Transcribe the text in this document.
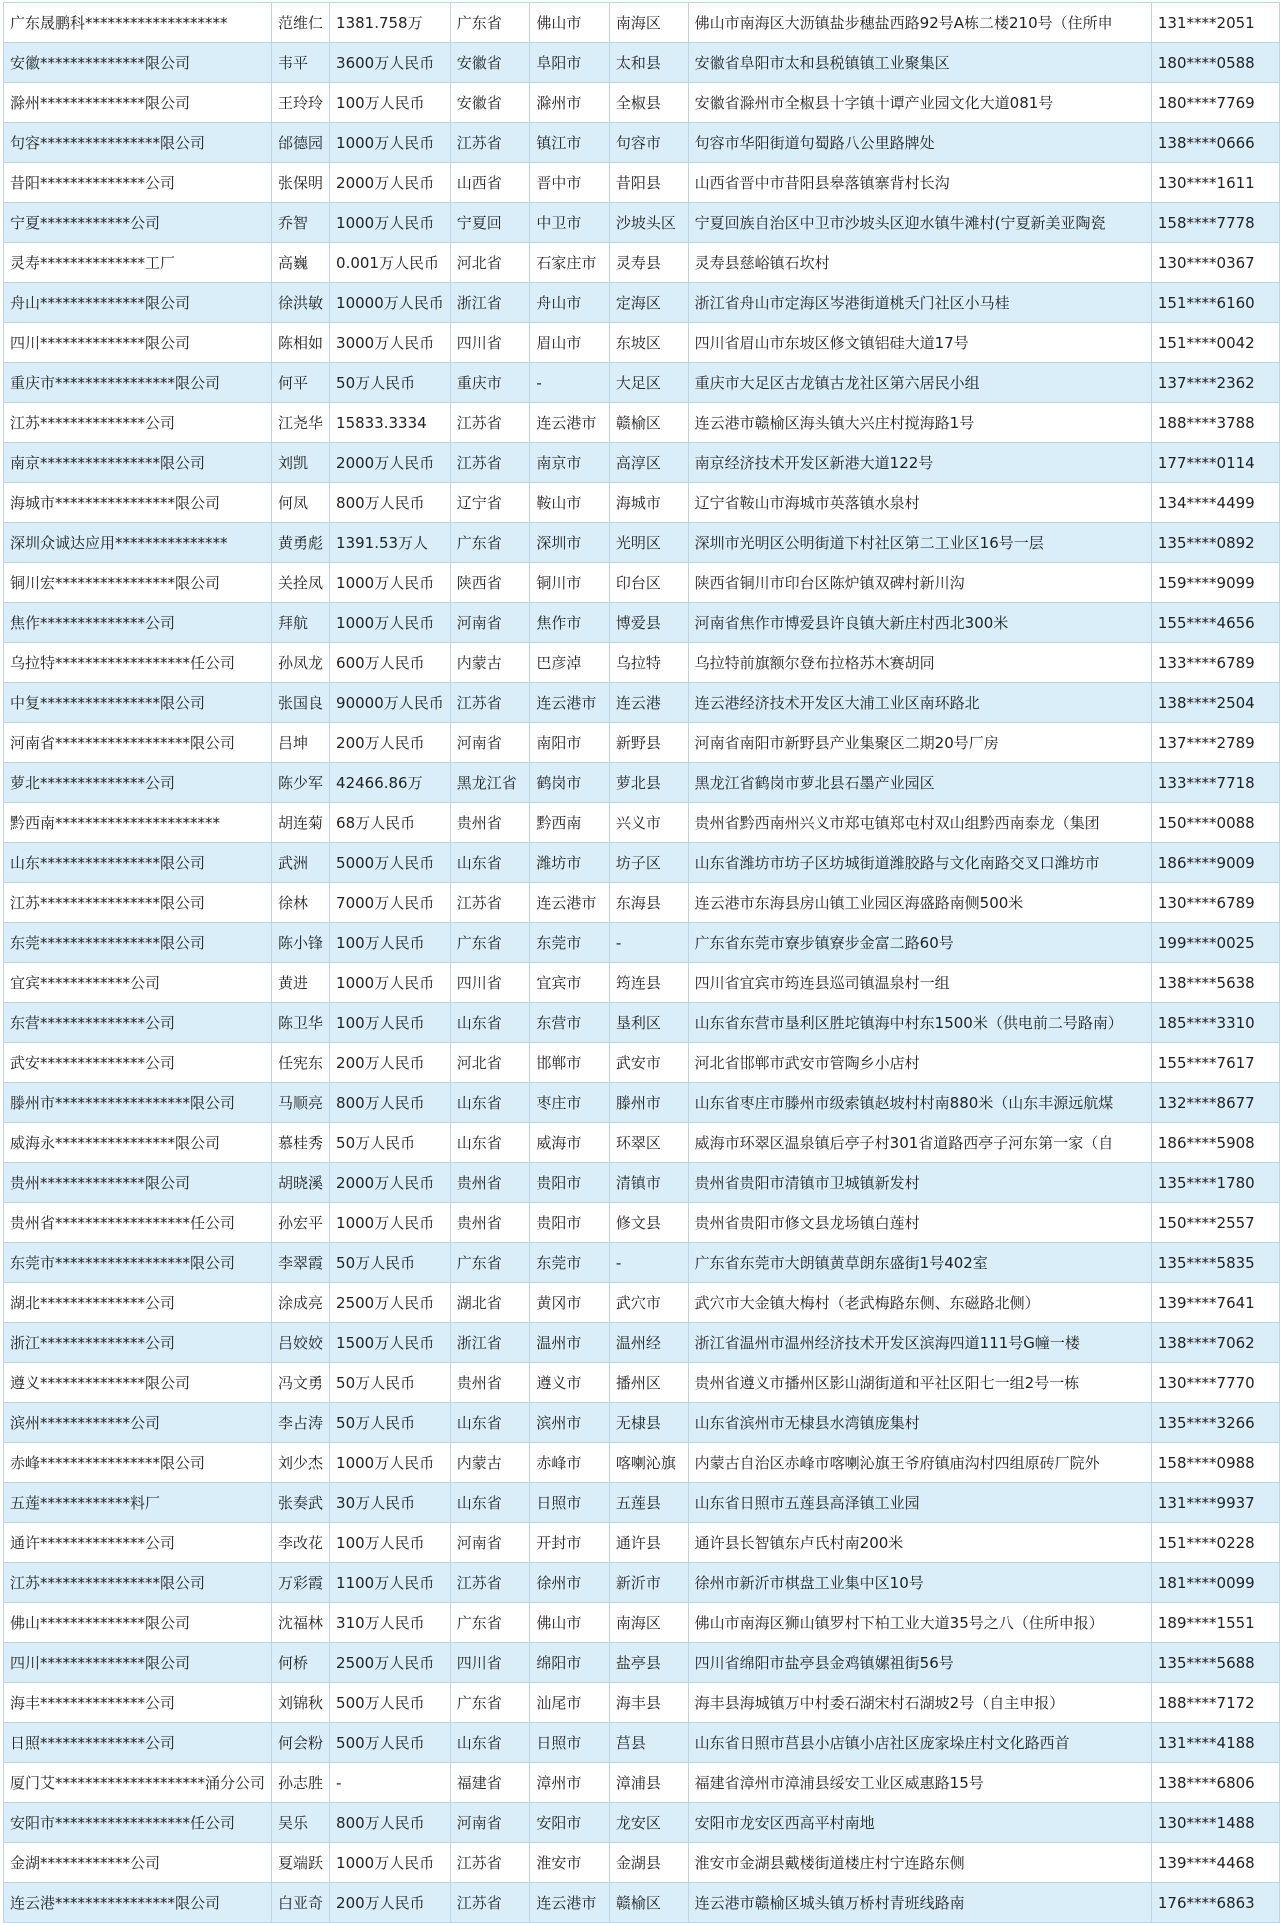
广东晟鹏科*******************	范维仁	1381.758万	广东省	佛山市	南海区	佛山市南海区大沥镇盐步穗盐西路92号A栋二楼210号（住所申	131****2051
安徽**************限公司	韦平	3600万人民币	安徽省	阜阳市	太和县	安徽省阜阳市太和县税镇镇工业聚集区	180****0588
滁州**************限公司	王玲玲	100万人民币	安徽省	滁州市	全椒县	安徽省滁州市全椒县十字镇十谭产业园文化大道081号	180****7769
句容****************限公司	邰德园	1000万人民币	江苏省	镇江市	句容市	句容市华阳街道句蜀路八公里路牌处	138****0666
昔阳**************公司	张保明	2000万人民币	山西省	晋中市	昔阳县	山西省晋中市昔阳县皋落镇寨背村长沟	130****1611
宁夏************公司	乔智	1000万人民币	宁夏回	中卫市	沙坡头区	宁夏回族自治区中卫市沙坡头区迎水镇牛滩村(宁夏新美亚陶瓷	158****7778
灵寿**************工厂	高巍	0.001万人民币	河北省	石家庄市	灵寿县	灵寿县慈峪镇石坎村	130****0367
舟山**************限公司	徐洪敏	10000万人民币	浙江省	舟山市	定海区	浙江省舟山市定海区岑港街道桃夭门社区小马桂	151****6160
四川**************限公司	陈相如	3000万人民币	四川省	眉山市	东坡区	四川省眉山市东坡区修文镇铝硅大道17号	151****0042
重庆市****************限公司	何平	50万人民币	重庆市	-	大足区	重庆市大足区古龙镇古龙社区第六居民小组	137****2362
江苏**************公司	江尧华	15833.3334	江苏省	连云港市	赣榆区	连云港市赣榆区海头镇大兴庄村搅海路1号	188****3788
南京****************限公司	刘凯	2000万人民币	江苏省	南京市	高淳区	南京经济技术开发区新港大道122号	177****0114
海城市****************限公司	何凤	800万人民币	辽宁省	鞍山市	海城市	辽宁省鞍山市海城市英落镇水泉村	134****4499
深圳众诚达应用***************	黄勇彪	1391.53万人	广东省	深圳市	光明区	深圳市光明区公明街道下村社区第二工业区16号一层	135****0892
铜川宏****************限公司	关拴凤	1000万人民币	陕西省	铜川市	印台区	陕西省铜川市印台区陈炉镇双碑村新川沟	159****9099
焦作**************公司	拜航	1000万人民币	河南省	焦作市	博爱县	河南省焦作市博爱县许良镇大新庄村西北300米	155****4656
乌拉特******************任公司	孙凤龙	600万人民币	内蒙古	巴彦淖	乌拉特	乌拉特前旗额尔登布拉格苏木赛胡同	133****6789
中复****************限公司	张国良	90000万人民币	江苏省	连云港市	连云港	连云港经济技术开发区大浦工业区南环路北	138****2504
河南省******************限公司	吕坤	200万人民币	河南省	南阳市	新野县	河南省南阳市新野县产业集聚区二期20号厂房	137****2789
萝北**************公司	陈少军	42466.86万	黑龙江省	鹤岗市	萝北县	黑龙江省鹤岗市萝北县石墨产业园区	133****7718
黔西南**********************	胡连菊	68万人民币	贵州省	黔西南	兴义市	贵州省黔西南州兴义市郑屯镇郑屯村双山组黔西南泰龙（集团	150****0088
山东****************限公司	武洲	5000万人民币	山东省	潍坊市	坊子区	山东省潍坊市坊子区坊城街道潍胶路与文化南路交叉口潍坊市	186****9009
江苏****************限公司	徐林	7000万人民币	江苏省	连云港市	东海县	连云港市东海县房山镇工业园区海盛路南侧500米	130****6789
东莞****************限公司	陈小锋	100万人民币	广东省	东莞市	-	广东省东莞市寮步镇寮步金富二路60号	199****0025
宜宾************公司	黄进	1000万人民币	四川省	宜宾市	筠连县	四川省宜宾市筠连县巡司镇温泉村一组	138****5638
东营**************公司	陈卫华	100万人民币	山东省	东营市	垦利区	山东省东营市垦利区胜坨镇海中村东1500米（供电前二号路南）	185****3310
武安**************公司	任宪东	200万人民币	河北省	邯郸市	武安市	河北省邯郸市武安市管陶乡小店村	155****7617
滕州市******************限公司	马顺亮	800万人民币	山东省	枣庄市	滕州市	山东省枣庄市滕州市级索镇赵坡村村南880米（山东丰源远航煤	132****8677
威海永****************限公司	慕桂秀	50万人民币	山东省	威海市	环翠区	威海市环翠区温泉镇后亭子村301省道路西亭子河东第一家（自	186****5908
贵州**************限公司	胡晓溪	2000万人民币	贵州省	贵阳市	清镇市	贵州省贵阳市清镇市卫城镇新发村	135****1780
贵州省******************任公司	孙宏平	1000万人民币	贵州省	贵阳市	修文县	贵州省贵阳市修文县龙场镇白莲村	150****2557
东莞市******************限公司	李翠霞	50万人民币	广东省	东莞市	-	广东省东莞市大朗镇黄草朗东盛街1号402室	135****5835
湖北**************公司	涂成亮	2500万人民币	湖北省	黄冈市	武穴市	武穴市大金镇大梅村（老武梅路东侧、东磁路北侧）	139****7641
浙江**************公司	吕姣姣	1500万人民币	浙江省	温州市	温州经	浙江省温州市温州经济技术开发区滨海四道111号G幢一楼	138****7062
遵义**************限公司	冯文勇	50万人民币	贵州省	遵义市	播州区	贵州省遵义市播州区影山湖街道和平社区阳七一组2号一栋	130****7770
滨州************公司	李占涛	50万人民币	山东省	滨州市	无棣县	山东省滨州市无棣县水湾镇庞集村	135****3266
赤峰****************限公司	刘少杰	1000万人民币	内蒙古	赤峰市	喀喇沁旗	内蒙古自治区赤峰市喀喇沁旗王爷府镇庙沟村四组原砖厂院外	158****0988
五莲************料厂	张奏武	30万人民币	山东省	日照市	五莲县	山东省日照市五莲县高泽镇工业园	131****9937
通许**************公司	李改花	100万人民币	河南省	开封市	通许县	通许县长智镇东卢氏村南200米	151****0228
江苏****************限公司	万彩霞	1100万人民币	江苏省	徐州市	新沂市	徐州市新沂市棋盘工业集中区10号	181****0099
佛山**************限公司	沈福林	310万人民币	广东省	佛山市	南海区	佛山市南海区狮山镇罗村下柏工业大道35号之八（住所申报）	189****1551
四川**************限公司	何桥	2500万人民币	四川省	绵阳市	盐亭县	四川省绵阳市盐亭县金鸡镇嫘祖街56号	135****5688
海丰**************公司	刘锦秋	500万人民币	广东省	汕尾市	海丰县	海丰县海城镇万中村委石湖宋村石湖坡2号（自主申报）	188****7172
日照**************公司	何会粉	500万人民币	山东省	日照市	莒县	山东省日照市莒县小店镇小店社区庞家垛庄村文化路西首	131****4188
厦门艾********************涌分公司	孙志胜	-	福建省	漳州市	漳浦县	福建省漳州市漳浦县绥安工业区威惠路15号	138****6806
安阳市******************任公司	吴乐	800万人民币	河南省	安阳市	龙安区	安阳市龙安区西高平村南地	130****1488
金湖************公司	夏端跃	1000万人民币	江苏省	淮安市	金湖县	淮安市金湖县戴楼街道楼庄村宁连路东侧	139****4468
连云港****************限公司	白亚奇	200万人民币	江苏省	连云港市	赣榆区	连云港市赣榆区城头镇万桥村青班线路南	176****6863
